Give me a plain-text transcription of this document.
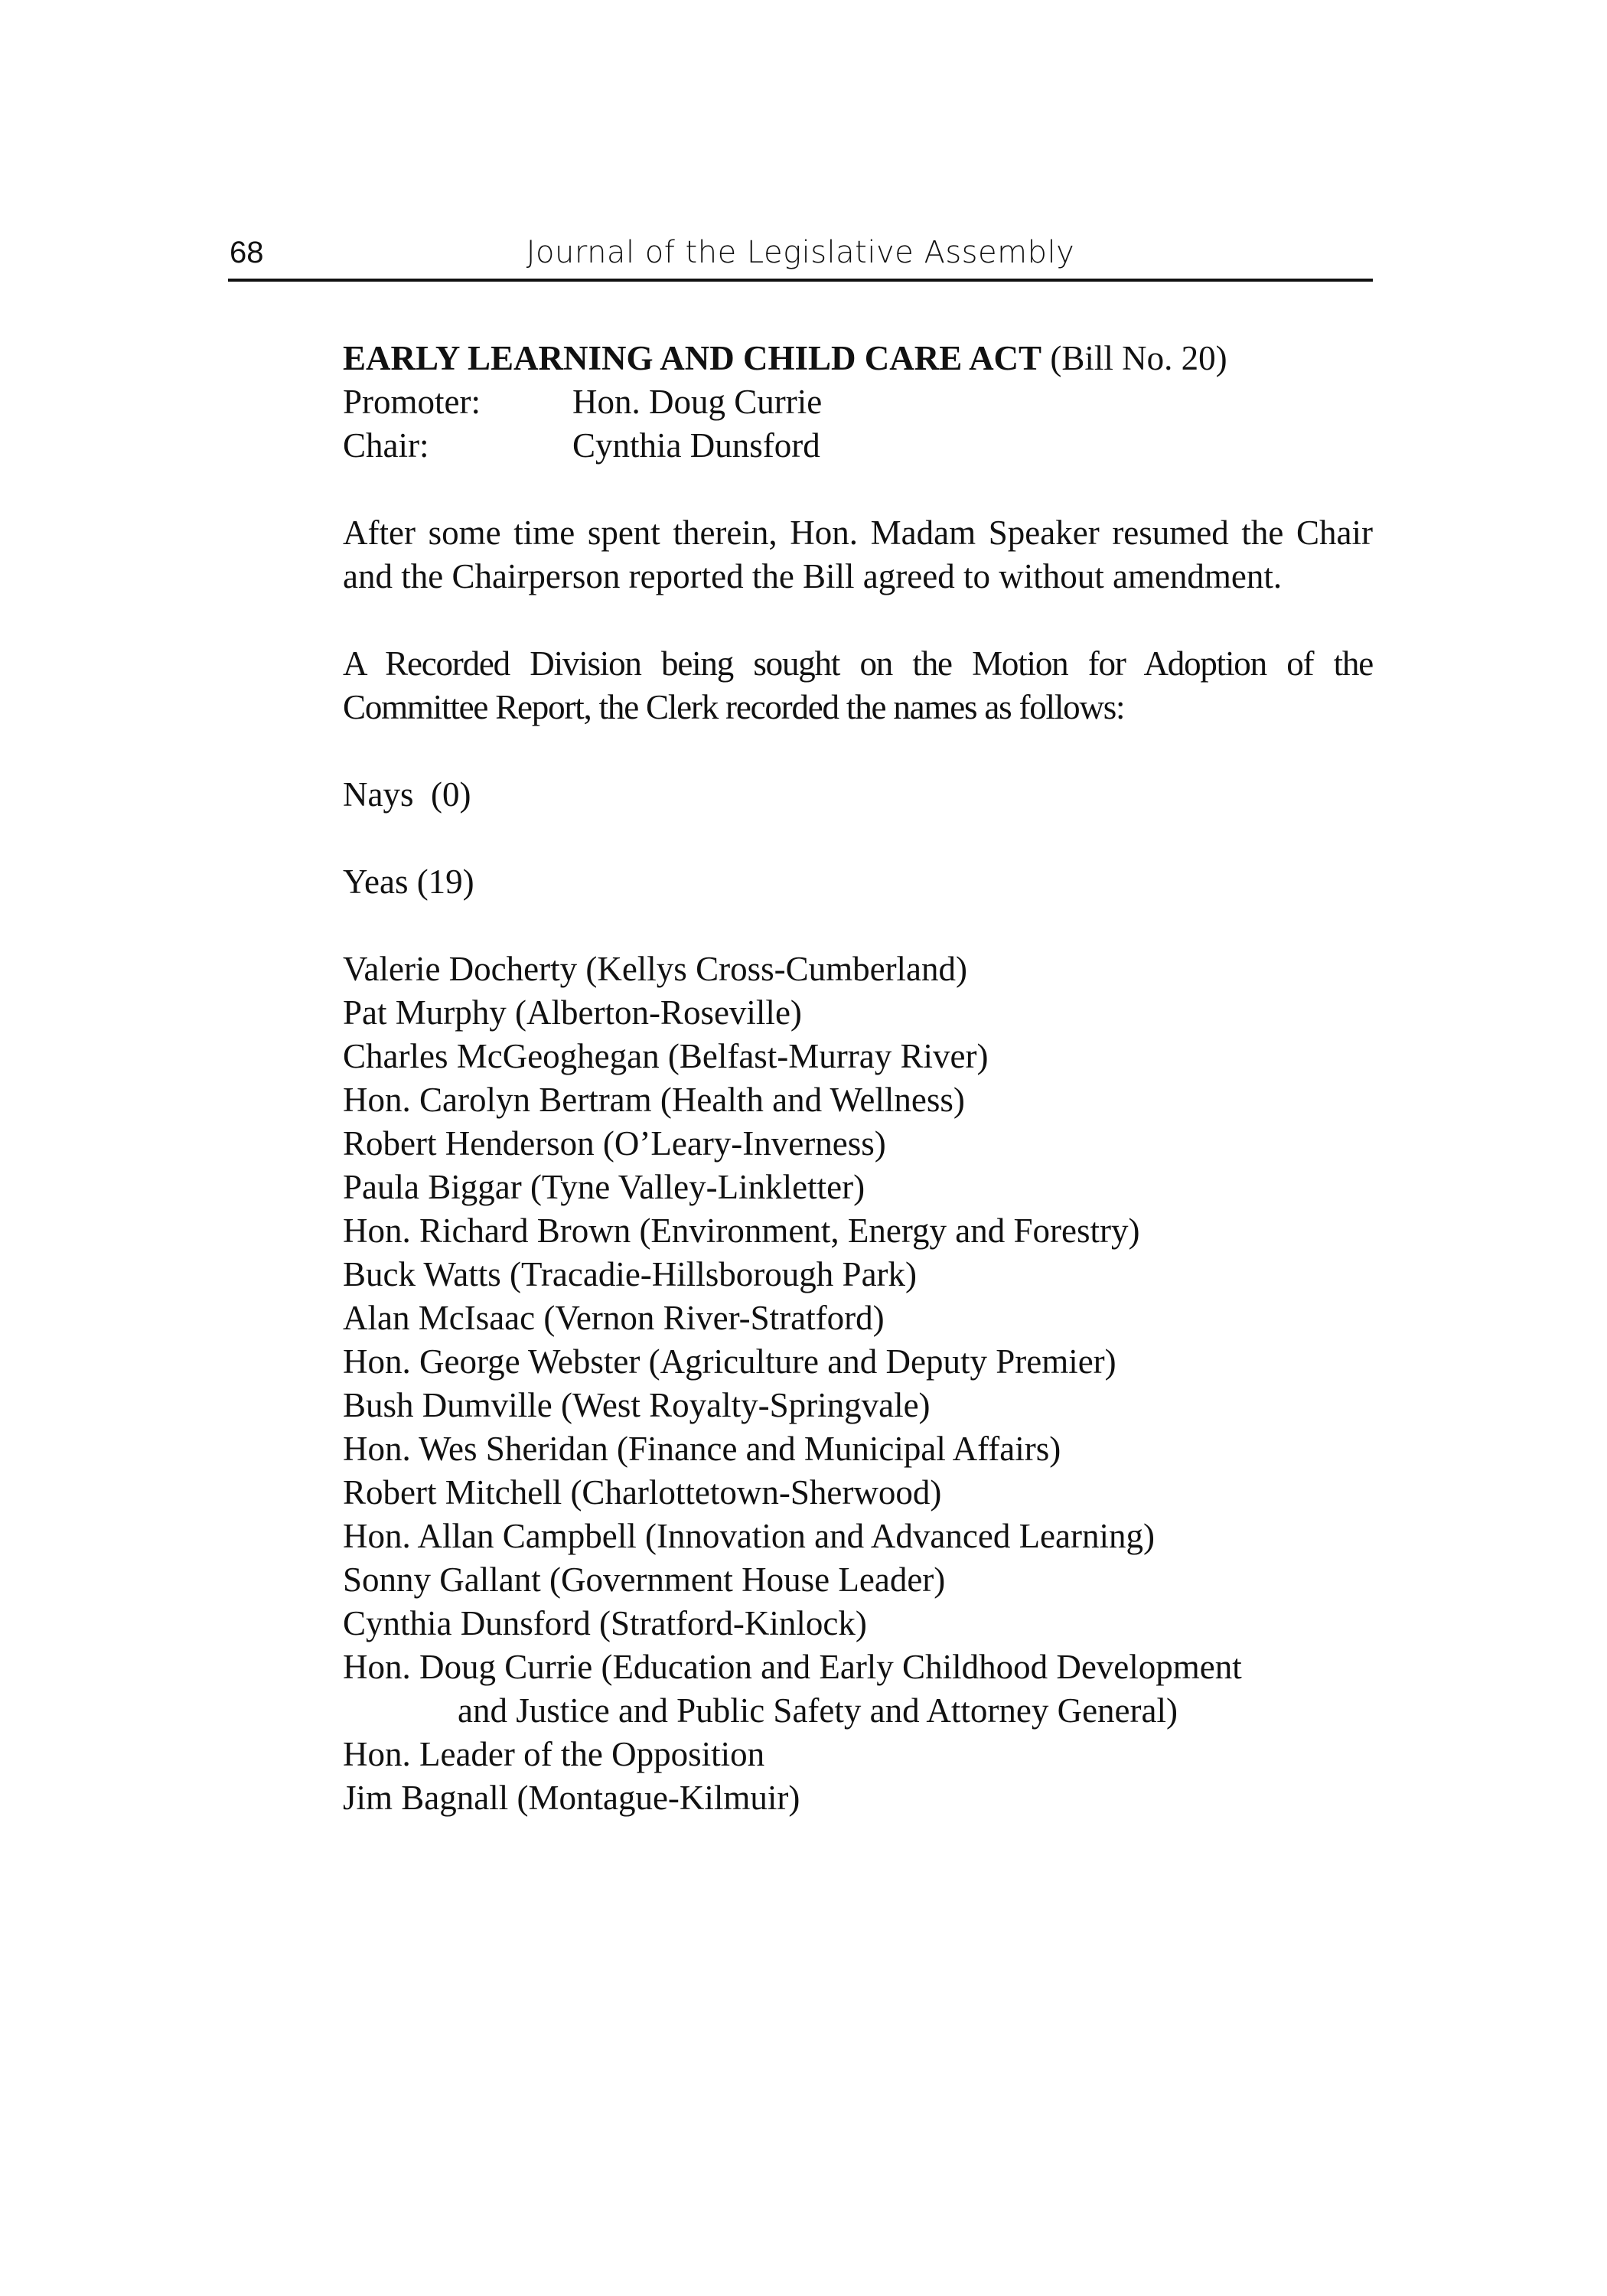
68	Journal of the Legislative Assembly

EARLY LEARNING AND CHILD CARE ACT (Bill No. 20)

Promoter:	Hon. Doug Currie
Chair:	Cynthia Dunsford

After some time spent therein, Hon. Madam Speaker resumed the Chair and the Chairperson reported the Bill agreed to without amendment.

A Recorded Division being sought on the Motion for Adoption of the Committee Report, the Clerk recorded the names as follows:

Nays  (0)
Yeas (19)
Valerie Docherty (Kellys Cross-Cumberland)
Pat Murphy (Alberton-Roseville)
Charles McGeoghegan (Belfast-Murray River)
Hon. Carolyn Bertram (Health and Wellness)
Robert Henderson (O’Leary-Inverness)
Paula Biggar (Tyne Valley-Linkletter)
Hon. Richard Brown (Environment, Energy and Forestry)
Buck Watts (Tracadie-Hillsborough Park)
Alan McIsaac (Vernon River-Stratford)
Hon. George Webster (Agriculture and Deputy Premier)
Bush Dumville (West Royalty-Springvale)
Hon. Wes Sheridan (Finance and Municipal Affairs)
Robert Mitchell (Charlottetown-Sherwood)
Hon. Allan Campbell (Innovation and Advanced Learning)
Sonny Gallant (Government House Leader)
Cynthia Dunsford (Stratford-Kinlock)
Hon. Doug Currie (Education and Early Childhood Development
and Justice and Public Safety and Attorney General)
Hon. Leader of the Opposition
Jim Bagnall (Montague-Kilmuir)
